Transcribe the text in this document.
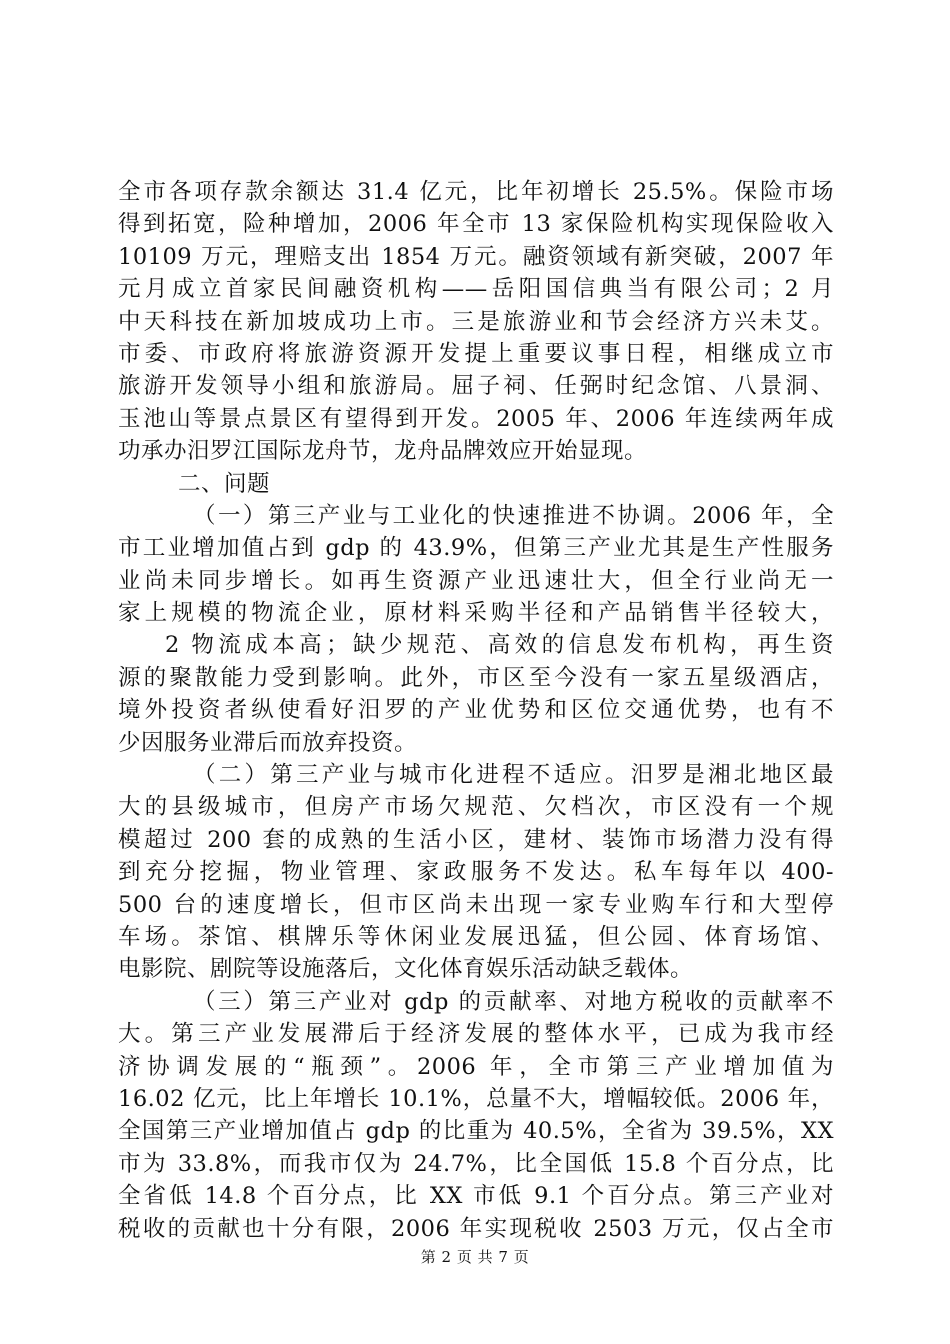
全市各项存款余额达 31.4 亿元，比年初增长 25.5%。保险市场
得到拓宽，险种增加，2006 年全市 13 家保险机构实现保险收入
10109 万元，理赔支出 1854 万元。融资领域有新突破，2007 年
元月成立首家民间融资机构——岳阳国信典当有限公司；2 月
中天科技在新加坡成功上市。三是旅游业和节会经济方兴未艾。
市委、市政府将旅游资源开发提上重要议事日程，相继成立市
旅游开发领导小组和旅游局。屈子祠、任弼时纪念馆、八景洞、
玉池山等景点景区有望得到开发。2005 年、2006 年连续两年成
功承办汨罗江国际龙舟节，龙舟品牌效应开始显现。
二、问题
（一）第三产业与工业化的快速推进不协调。2006 年，全
市工业增加值占到 gdp 的 43.9%，但第三产业尤其是生产性服务
业尚未同步增长。如再生资源产业迅速壮大，但全行业尚无一
家上规模的物流企业，原材料采购半径和产品销售半径较大，
2 物流成本高；缺少规范、高效的信息发布机构，再生资
源的聚散能力受到影响。此外，市区至今没有一家五星级酒店，
境外投资者纵使看好汨罗的产业优势和区位交通优势，也有不
少因服务业滞后而放弃投资。
（二）第三产业与城市化进程不适应。汨罗是湘北地区最
大的县级城市，但房产市场欠规范、欠档次，市区没有一个规
模超过 200 套的成熟的生活小区，建材、装饰市场潜力没有得
到充分挖掘，物业管理、家政服务不发达。私车每年以 400-
500 台的速度增长，但市区尚未出现一家专业购车行和大型停
车场。茶馆、棋牌乐等休闲业发展迅猛，但公园、体育场馆、
电影院、剧院等设施落后，文化体育娱乐活动缺乏载体。
（三）第三产业对 gdp 的贡献率、对地方税收的贡献率不
大。第三产业发展滞后于经济发展的整体水平，已成为我市经
济协调发展的“瓶颈”。2006 年，全市第三产业增加值为
16.02 亿元，比上年增长 10.1%，总量不大，增幅较低。2006 年，
全国第三产业增加值占 gdp 的比重为 40.5%，全省为 39.5%，XX
市为 33.8%，而我市仅为 24.7%，比全国低 15.8 个百分点，比
全省低 14.8 个百分点，比 XX 市低 9.1 个百分点。第三产业对
税收的贡献也十分有限，2006 年实现税收 2503 万元，仅占全市
第 2 页 共 7 页
